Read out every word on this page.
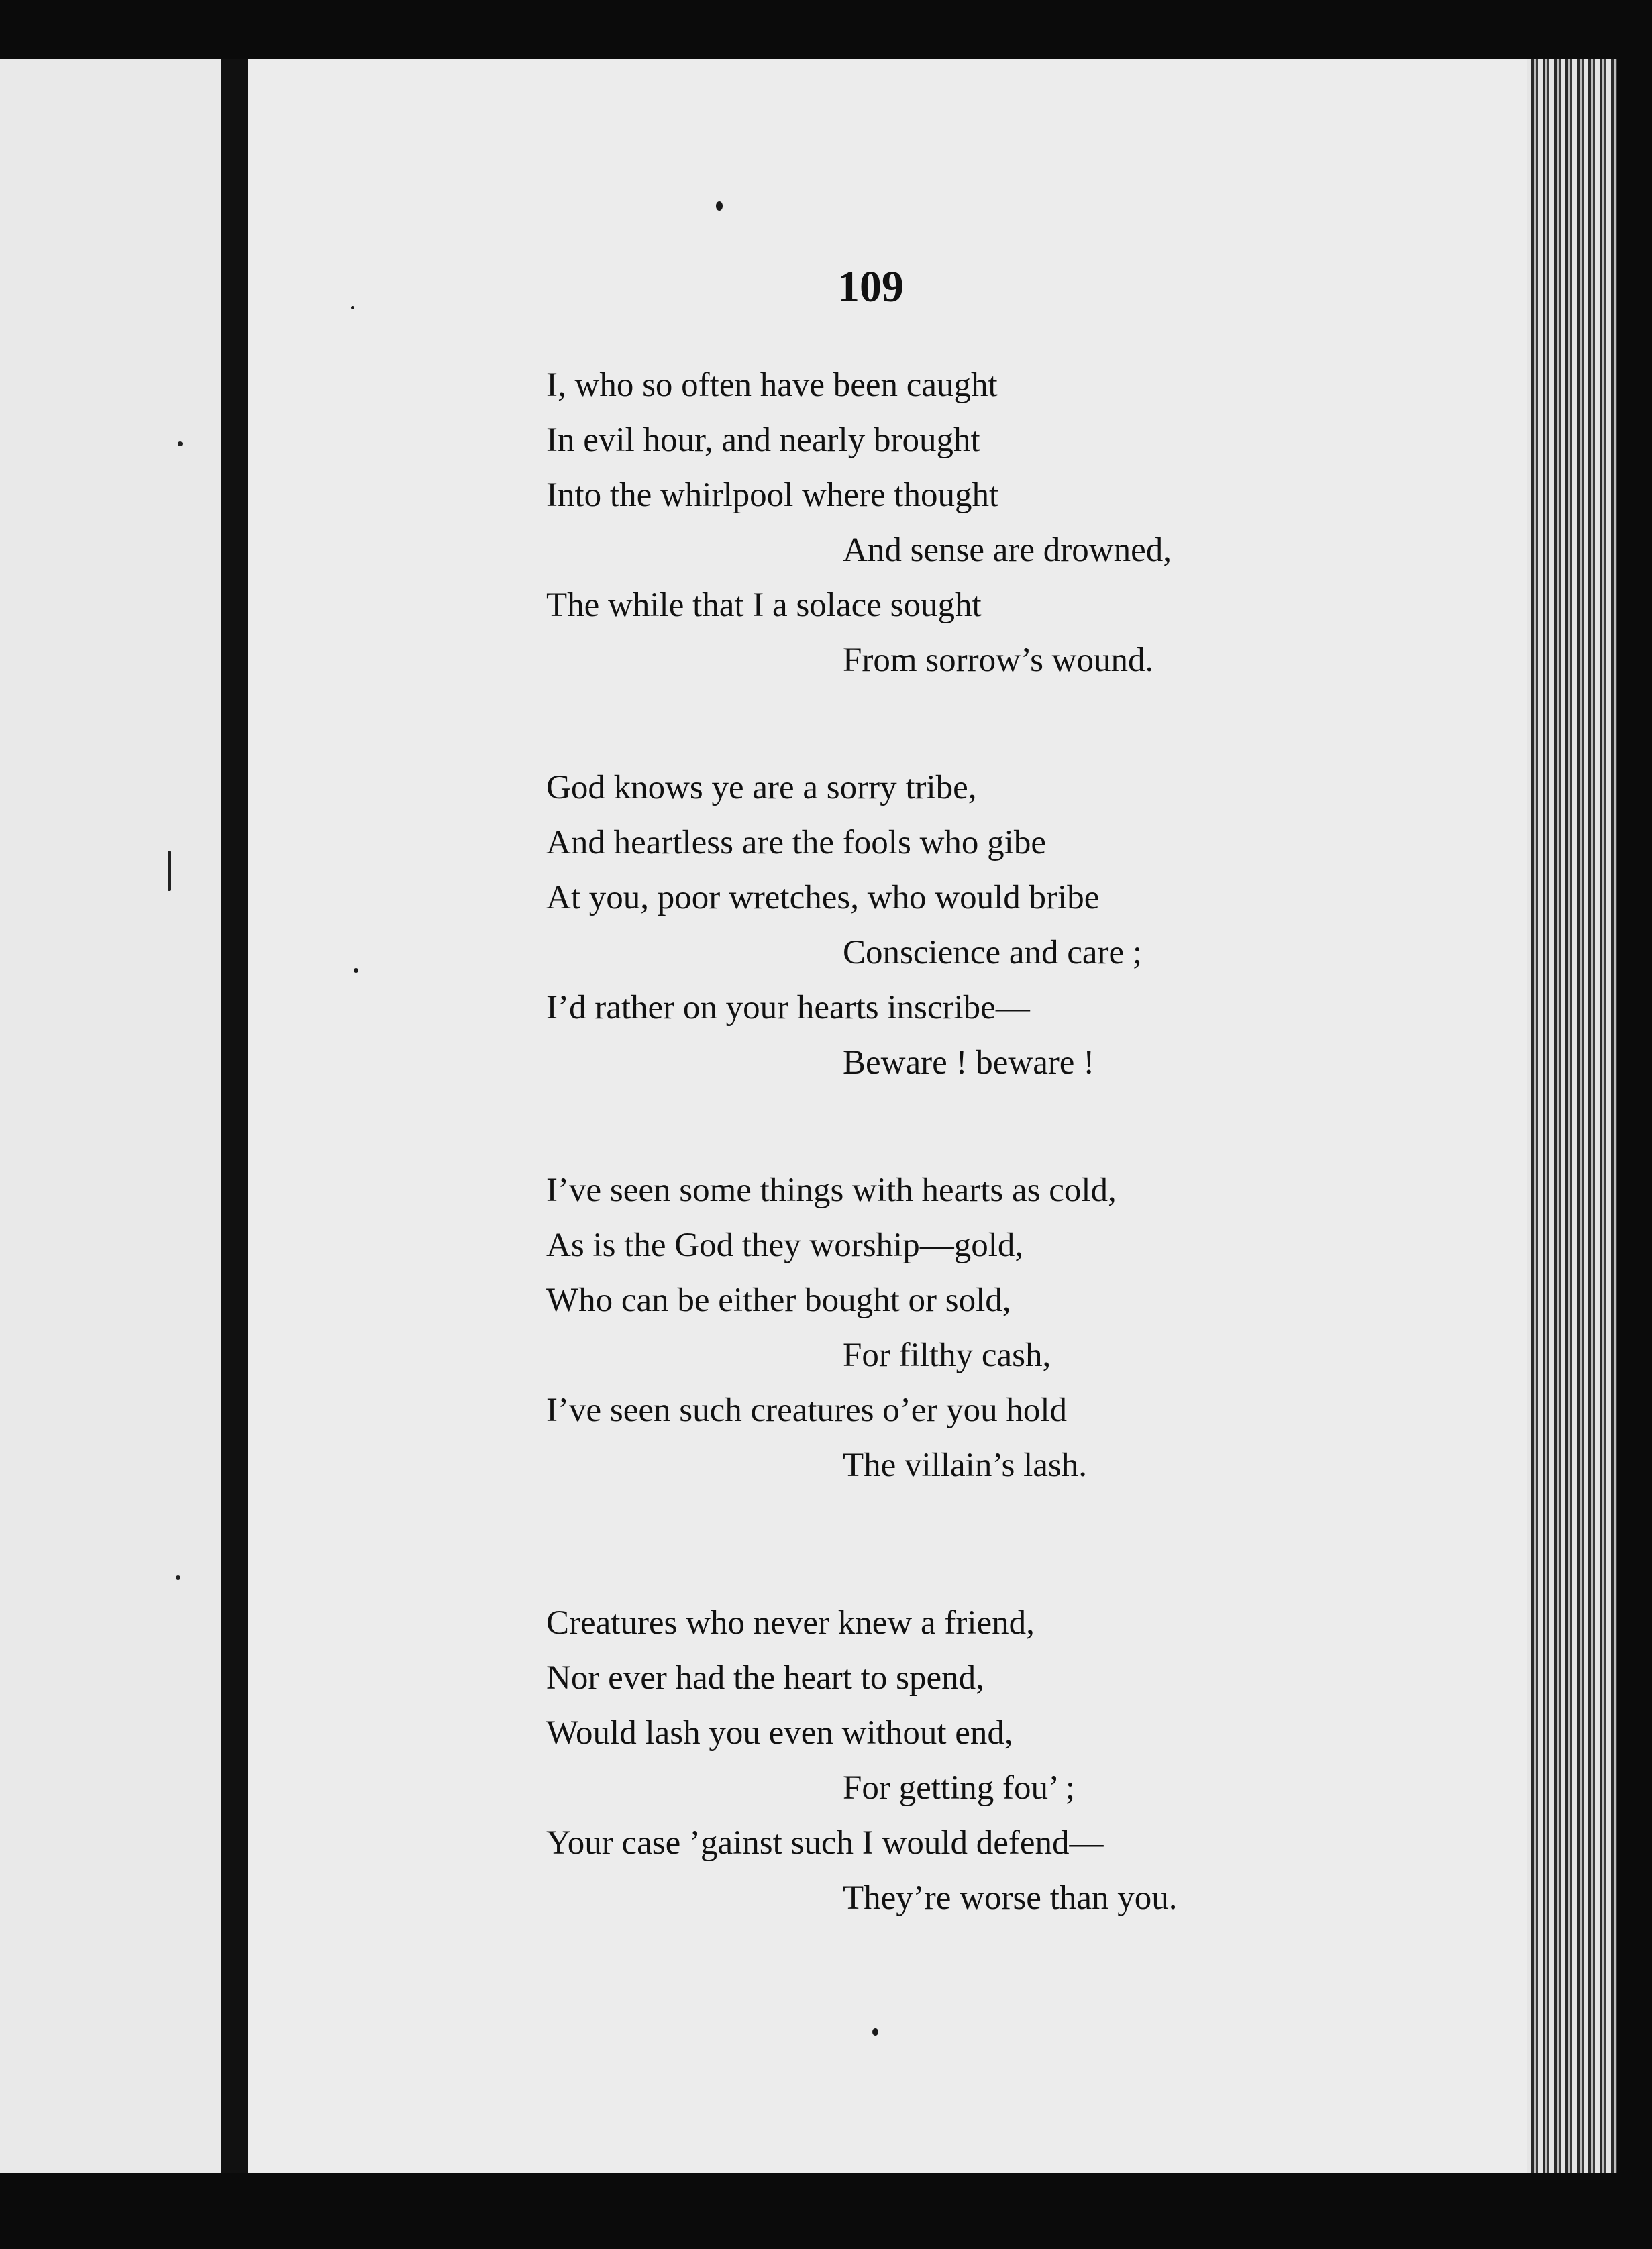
109
I, who so often have been caught
In evil hour, and nearly brought
Into the whirlpool where thought
And sense are drowned,
The while that I a solace sought
From sorrow’s wound.
God knows ye are a sorry tribe,
And heartless are the fools who gibe
At you, poor wretches, who would bribe
Conscience and care ;
I’d rather on your hearts inscribe—
Beware ! beware !
I’ve seen some things with hearts as cold,
As is the God they worship—gold,
Who can be either bought or sold,
For filthy cash,
I’ve seen such creatures o’er you hold
The villain’s lash.
Creatures who never knew a friend,
Nor ever had the heart to spend,
Would lash you even without end,
For getting fou’ ;
Your case ’gainst such I would defend—
They’re worse than you.
